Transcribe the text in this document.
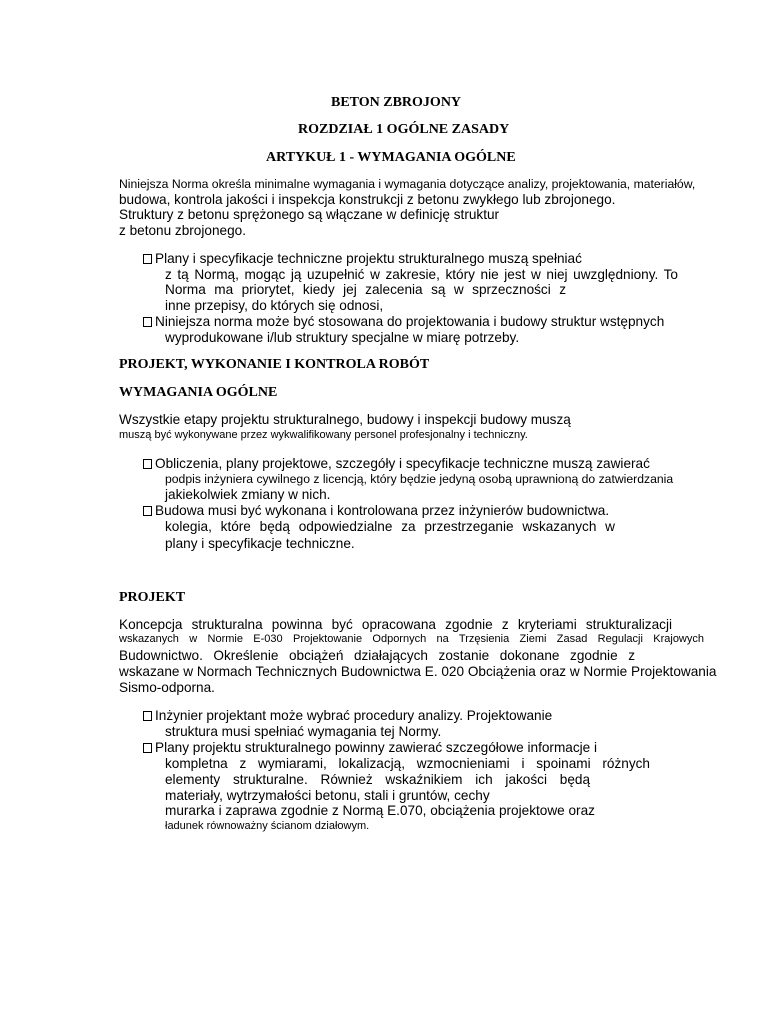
BETON ZBROJONY
ROZDZIAŁ 1 OGÓLNE ZASADY
ARTYKUŁ 1 - WYMAGANIA OGÓLNE
Niniejsza Norma określa minimalne wymagania i wymagania dotyczące analizy, projektowania, materiałów,
budowa, kontrola jakości i inspekcja konstrukcji z betonu zwykłego lub zbrojonego.
Struktury z betonu sprężonego są włączane w definicję struktur
z betonu zbrojonego.
Plany i specyfikacje techniczne projektu strukturalnego muszą spełniać
z tą Normą, mogąc ją uzupełnić w zakresie, który nie jest w niej uwzględniony. To
Norma ma priorytet, kiedy jej zalecenia są w sprzeczności z
inne przepisy, do których się odnosi,
Niniejsza norma może być stosowana do projektowania i budowy struktur wstępnych
wyprodukowane i/lub struktury specjalne w miarę potrzeby.
PROJEKT, WYKONANIE I KONTROLA ROBÓT
WYMAGANIA OGÓLNE
Wszystkie etapy projektu strukturalnego, budowy i inspekcji budowy muszą
muszą być wykonywane przez wykwalifikowany personel profesjonalny i techniczny.
Obliczenia, plany projektowe, szczegóły i specyfikacje techniczne muszą zawierać
podpis inżyniera cywilnego z licencją, który będzie jedyną osobą uprawnioną do zatwierdzania
jakiekolwiek zmiany w nich.
Budowa musi być wykonana i kontrolowana przez inżynierów budownictwa.
kolegia, które będą odpowiedzialne za przestrzeganie wskazanych w
plany i specyfikacje techniczne.
PROJEKT
Koncepcja strukturalna powinna być opracowana zgodnie z kryteriami strukturalizacji
wskazanych w Normie E-030 Projektowanie Odpornych na Trzęsienia Ziemi Zasad Regulacji Krajowych
Budownictwo. Określenie obciążeń działających zostanie dokonane zgodnie z
wskazane w Normach Technicznych Budownictwa E. 020 Obciążenia oraz w Normie Projektowania
Sismo-odporna.
Inżynier projektant może wybrać procedury analizy. Projektowanie
struktura musi spełniać wymagania tej Normy.
Plany projektu strukturalnego powinny zawierać szczegółowe informacje i
kompletna z wymiarami, lokalizacją, wzmocnieniami i spoinami różnych
elementy strukturalne. Również wskaźnikiem ich jakości będą
materiały, wytrzymałości betonu, stali i gruntów, cechy
murarka i zaprawa zgodnie z Normą E.070, obciążenia projektowe oraz
ładunek równoważny ścianom działowym.
